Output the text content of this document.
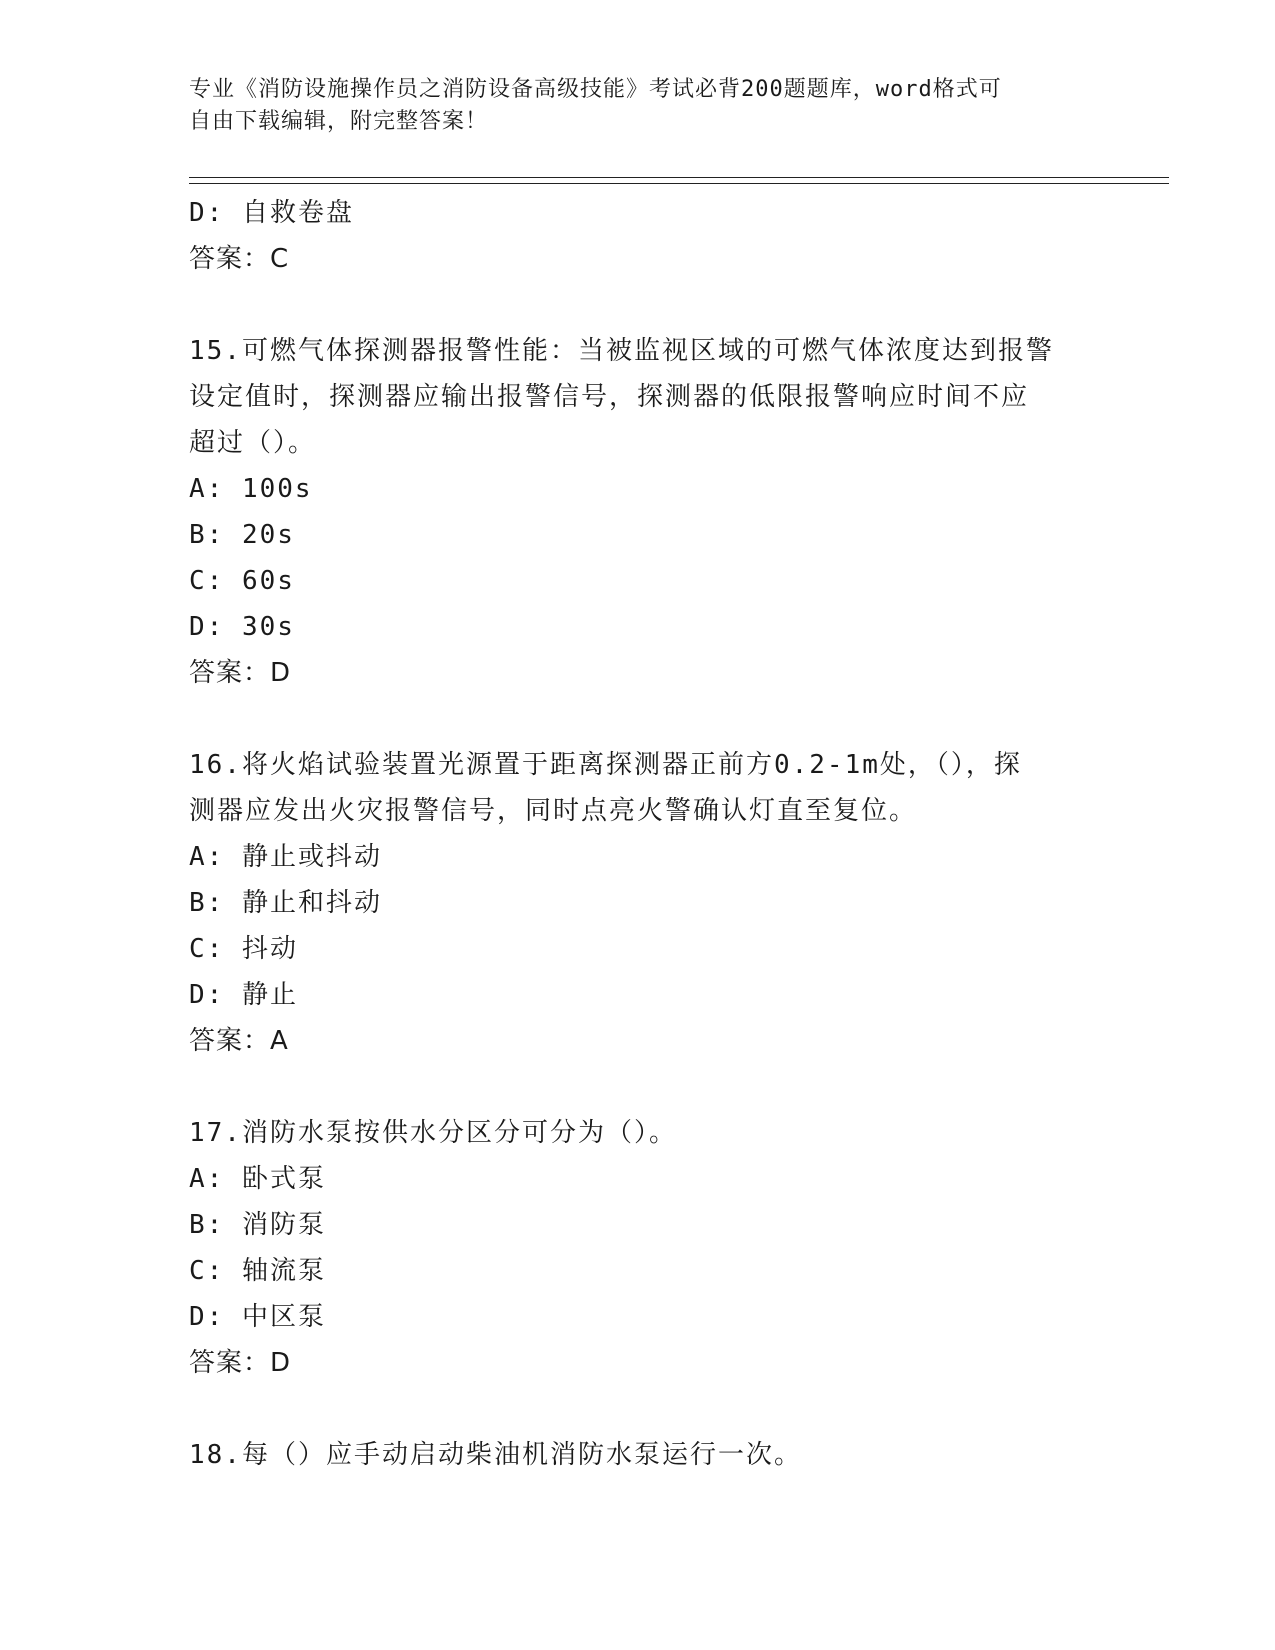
专业《消防设施操作员之消防设备高级技能》考试必背200题题库，word格式可
自由下载编辑，附完整答案！
D: 自救卷盘
答案：C
15.可燃气体探测器报警性能：当被监视区域的可燃气体浓度达到报警
设定值时，探测器应输出报警信号，探测器的低限报警响应时间不应
超过（）。
A: 100s
B: 20s
C: 60s
D: 30s
答案：D
16.将火焰试验装置光源置于距离探测器正前方0.2-1m处，（），探
测器应发出火灾报警信号，同时点亮火警确认灯直至复位。
A: 静止或抖动
B: 静止和抖动
C: 抖动
D: 静止
答案：A
17.消防水泵按供水分区分可分为（）。
A: 卧式泵
B: 消防泵
C: 轴流泵
D: 中区泵
答案：D
18.每（）应手动启动柴油机消防水泵运行一次。
